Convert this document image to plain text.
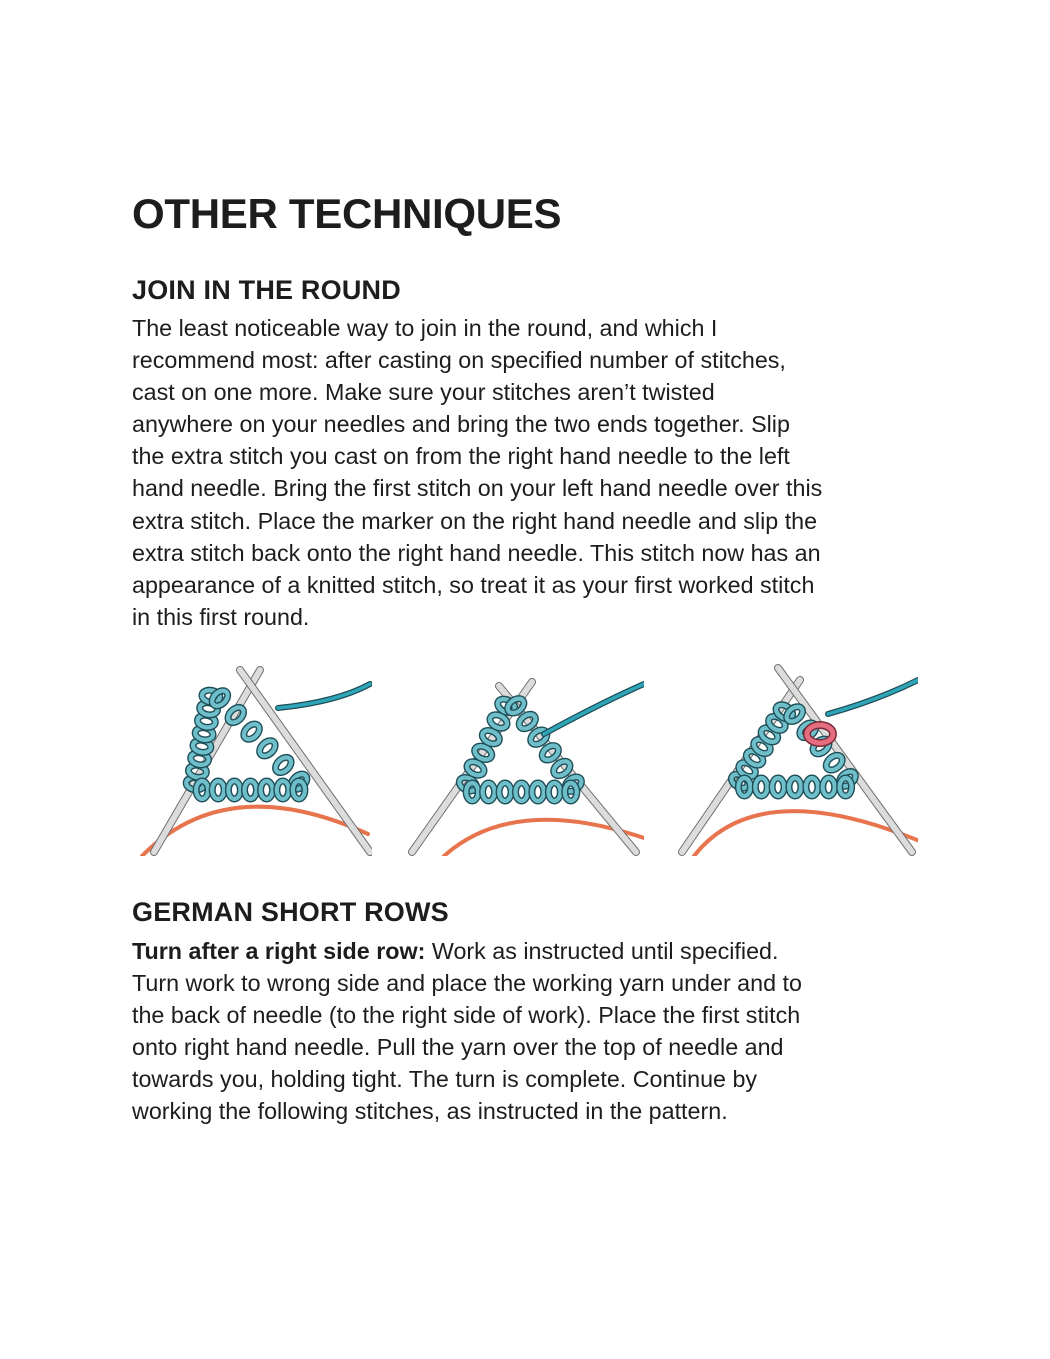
OTHER TECHNIQUES
JOIN IN THE ROUND

The least noticeable way to join in the round, and which I
recommend most: after casting on specified number of stitches,
cast on one more. Make sure your stitches aren’t twisted
anywhere on your needles and bring the two ends together. Slip
the extra stitch you cast on from the right hand needle to the left
hand needle. Bring the first stitch on your left hand needle over this
extra stitch. Place the marker on the right hand needle and slip the
extra stitch back onto the right hand needle. This stitch now has an
appearance of a knitted stitch, so treat it as your first worked stitch
in this first round.

GERMAN SHORT ROWS

Turn after a right side row: Work as instructed until specified.
Turn work to wrong side and place the working yarn under and to
the back of needle (to the right side of work). Place the first stitch
onto right hand needle. Pull the yarn over the top of needle and
towards you, holding tight. The turn is complete. Continue by
working the following stitches, as instructed in the pattern.
